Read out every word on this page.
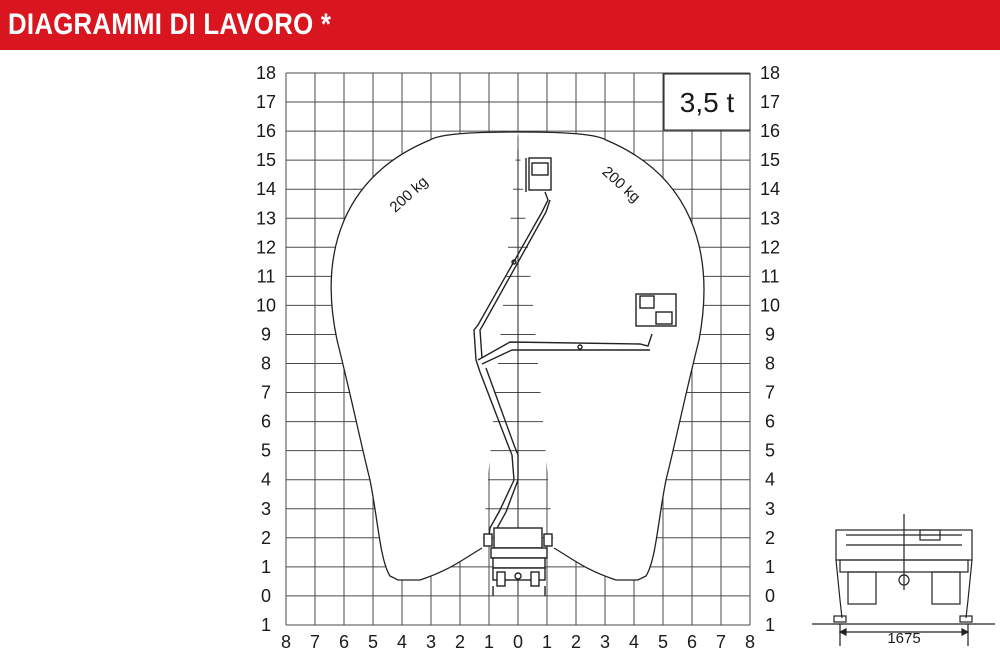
DIAGRAMMI DI LAVORO *
18
17
16
15
14
13
12
11
10
9
8
7
6
5
4
3
2
1
0
1
18
17
16
15
14
13
12
11
10
9
8
7
6
5
4
3
2
1
0
1
8 7 6 5 4 3 2 1 0 1 2 3 4 5 6 7 8
200 kg	200 kg
3,5 t
1675
